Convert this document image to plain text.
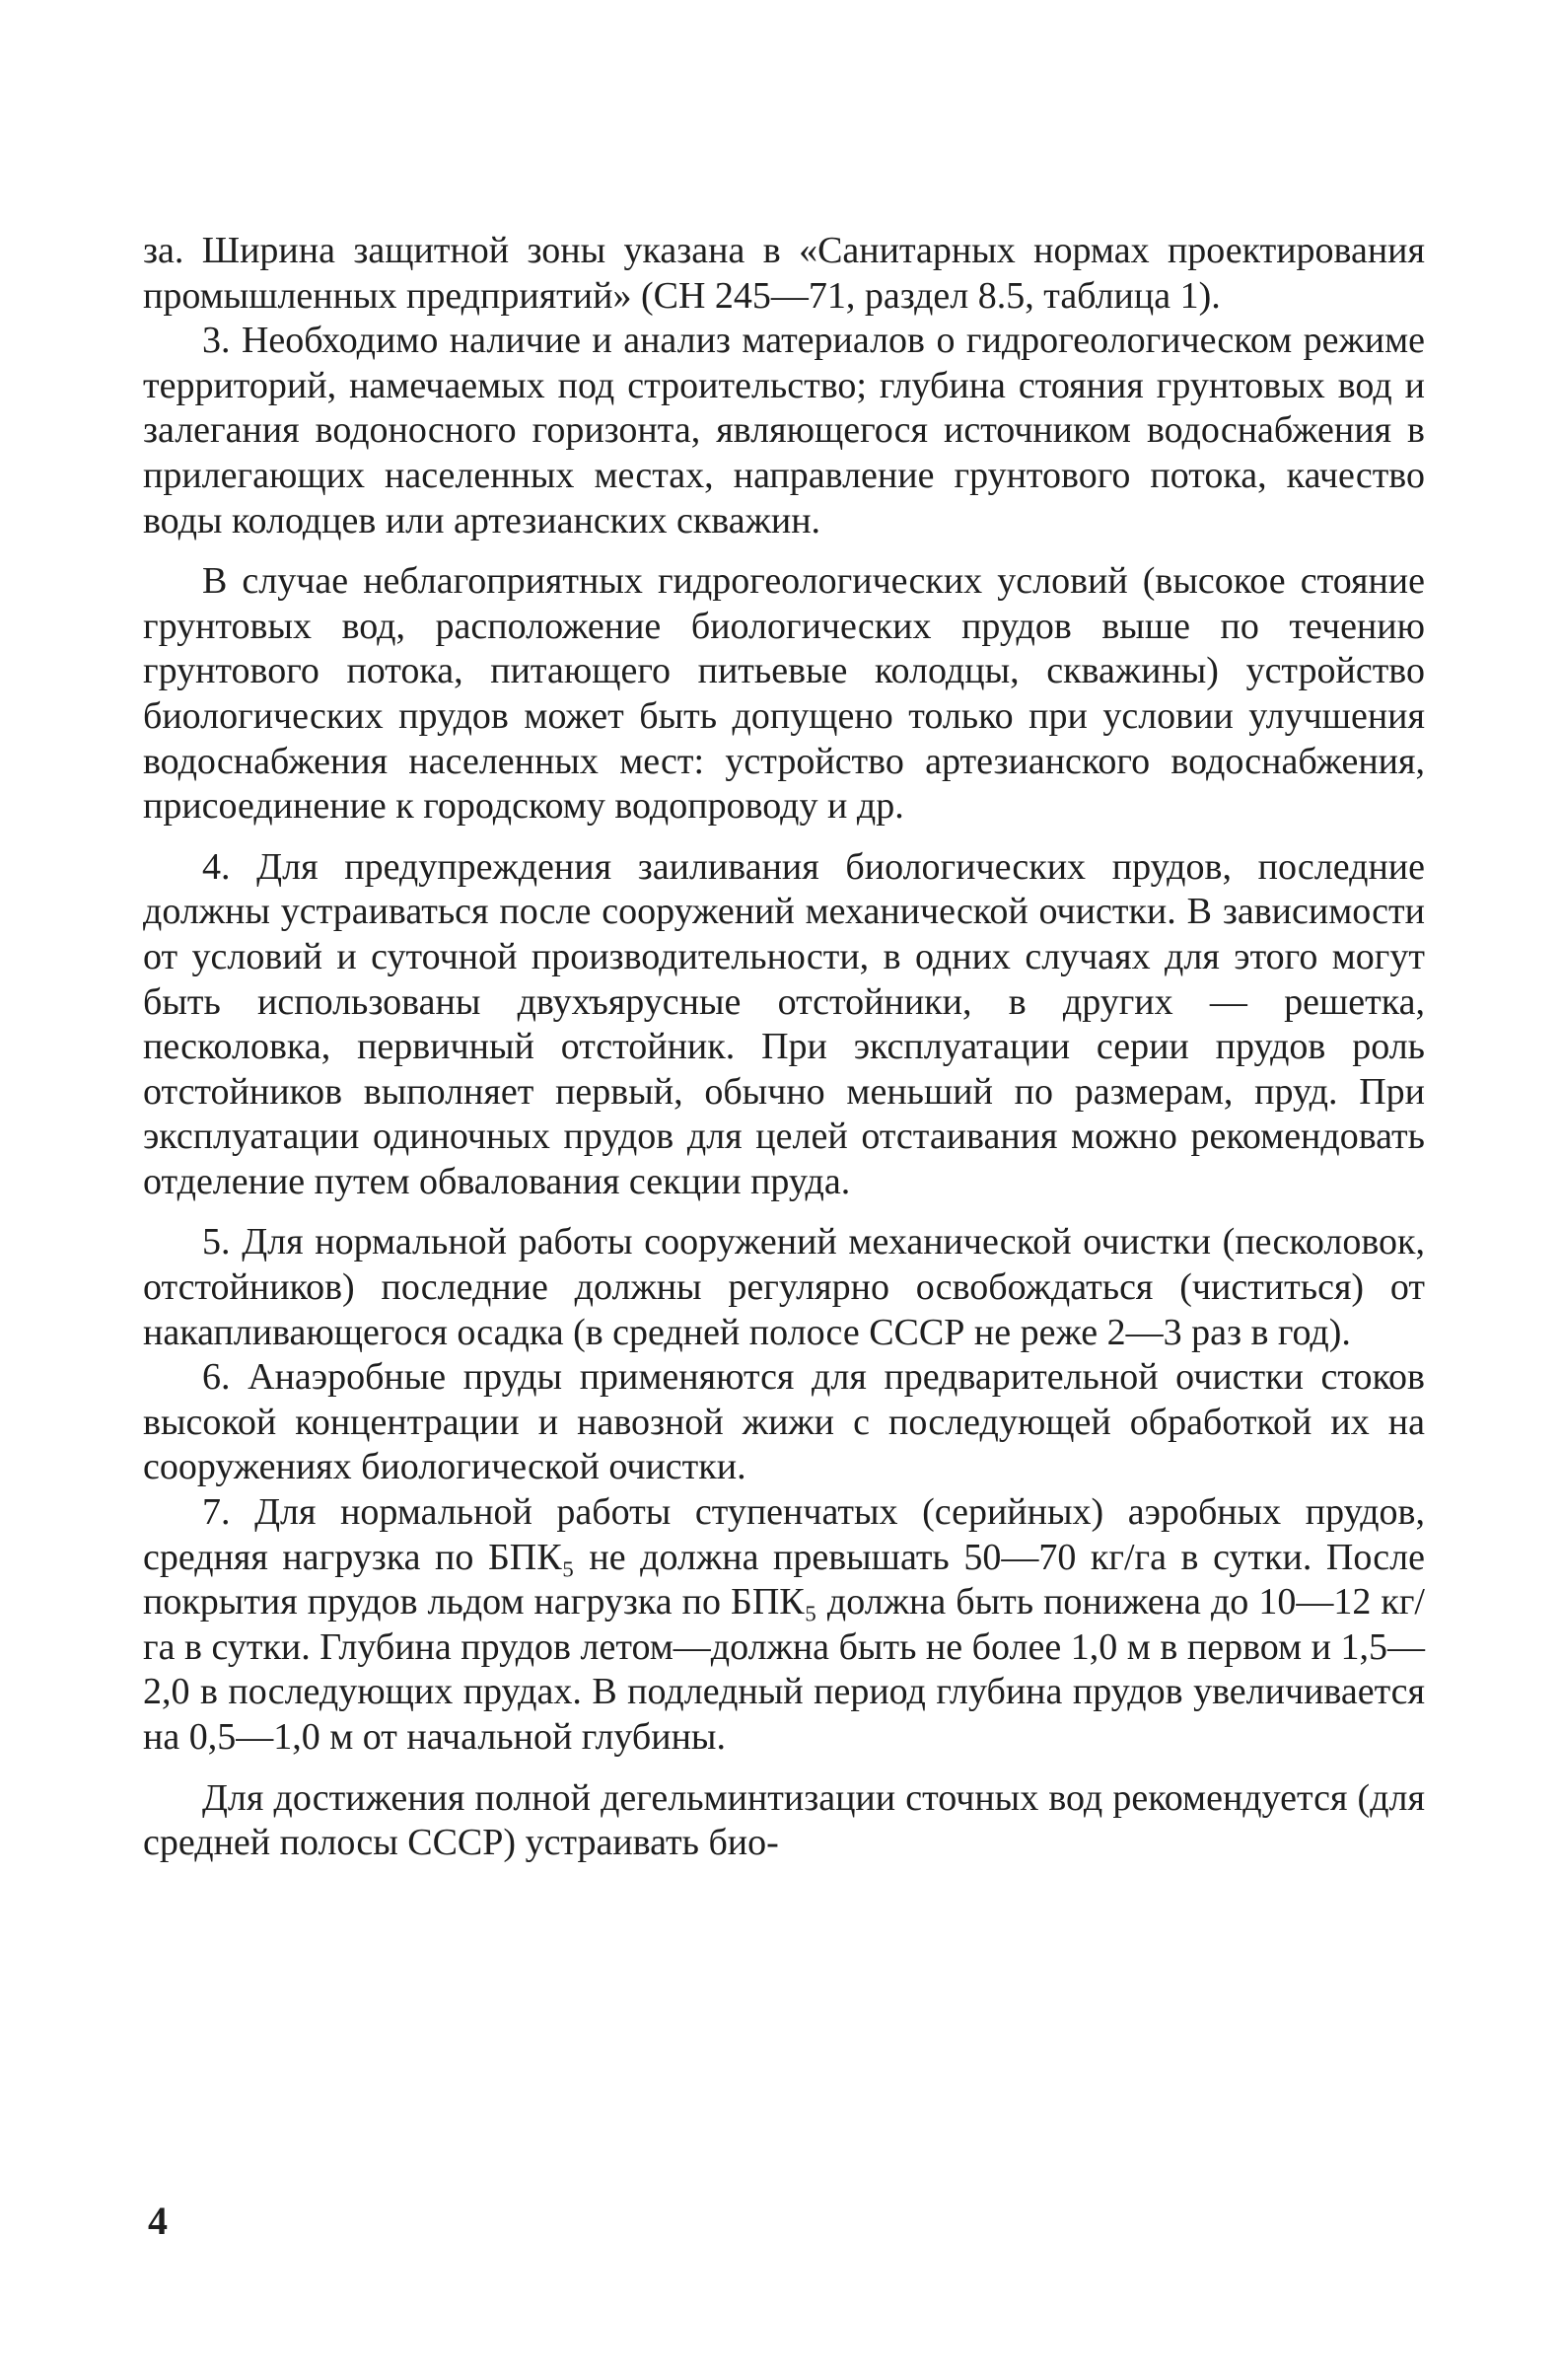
за. Ширина защитной зоны указана в «Санитарных нормах проектирования промышленных предприятий» (СН 245—71, раздел 8.5, таблица 1).

3. Необходимо наличие и анализ материалов о гидрогеологическом режиме территорий, намечаемых под строительство; глубина стояния грунтовых вод и залегания водоносного горизонта, являющегося источником водоснабжения в прилегающих населенных местах, направление грунтового потока, качество воды колодцев или артезианских скважин.

В случае неблагоприятных гидрогеологических условий (высокое стояние грунтовых вод, расположение биологических прудов выше по течению грунтового потока, питающего питьевые колодцы, скважины) устройство биологических прудов может быть допущено только при условии улучшения водоснабжения населенных мест: устройство артезианского водоснабжения, присоединение к городскому водопроводу и др.

4. Для предупреждения заиливания биологических прудов, последние должны устраиваться после сооружений механической очистки. В зависимости от условий и суточной производительности, в одних случаях для этого могут быть использованы двухъярусные отстойники, в других — решетка, песколовка, первичный отстойник. При эксплуатации серии прудов роль отстойников выполняет первый, обычно меньший по размерам, пруд. При эксплуатации одиночных прудов для целей отстаивания можно рекомендовать отделение путем обвалования секции пруда.

5. Для нормальной работы сооружений механической очистки (песколовок, отстойников) последние должны регулярно освобождаться (чиститься) от накапливающегося осадка (в средней полосе СССР не реже 2—3 раз в год).

6. Анаэробные пруды применяются для предварительной очистки стоков высокой концентрации и навозной жижи с последующей обработкой их на сооружениях биологической очистки.

7. Для нормальной работы ступенчатых (серийных) аэробных прудов, средняя нагрузка по БПК₅ не должна превышать 50—70 кг/га в сутки. После покрытия прудов льдом нагрузка по БПК₅ должна быть понижена до 10—12 кг/га в сутки. Глубина прудов летом—должна быть не более 1,0 м в первом и 1,5—2,0 в последующих прудах. В подледный период глубина прудов увеличивается на 0,5—1,0 м от начальной глубины.

Для достижения полной дегельминтизации сточных вод рекомендуется (для средней полосы СССР) устраивать био-

4
